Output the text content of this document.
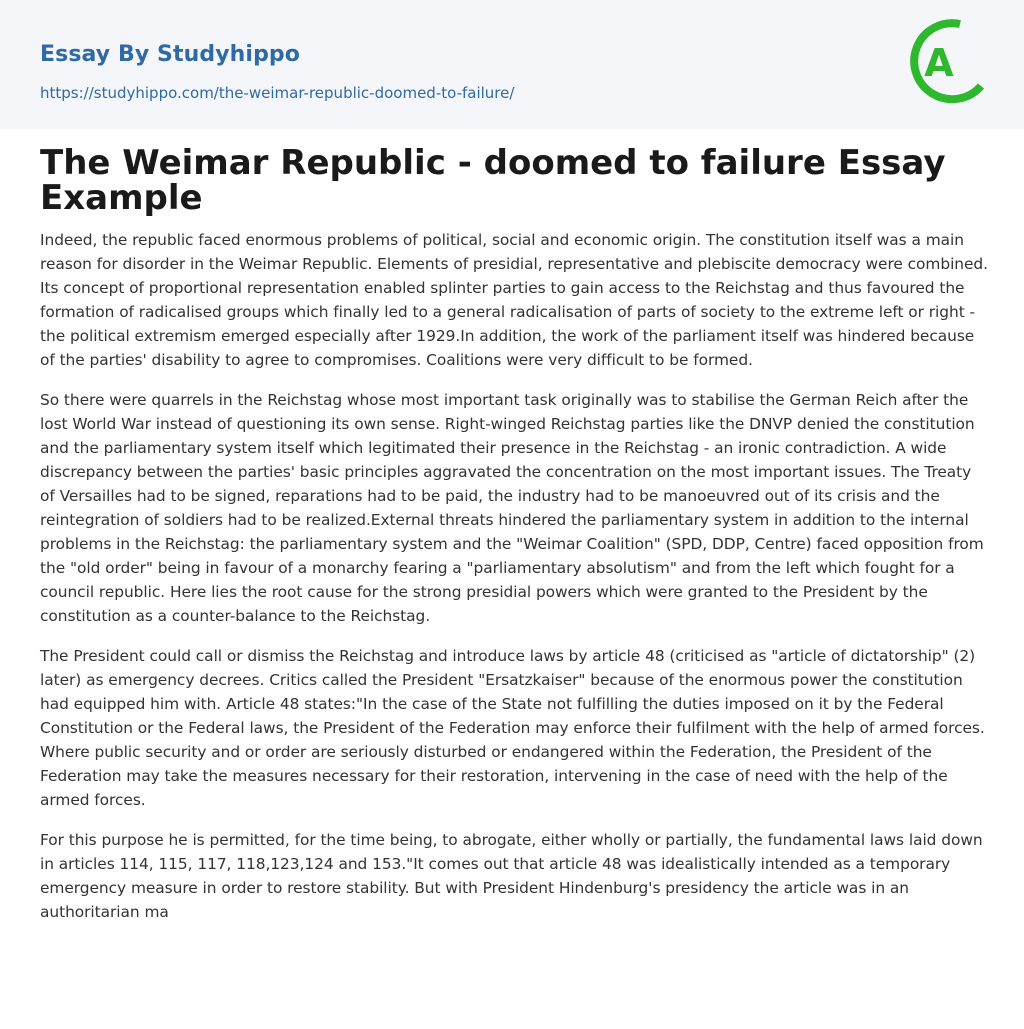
Essay By Studyhippo
https://studyhippo.com/the-weimar-republic-doomed-to-failure/
A
The Weimar Republic - doomed to failure Essay Example

Indeed, the republic faced enormous problems of political, social and economic origin. The constitution itself was a main reason for disorder in the Weimar Republic. Elements of presidial, representative and plebiscite democracy were combined. Its concept of proportional representation enabled splinter parties to gain access to the Reichstag and thus favoured the formation of radicalised groups which finally led to a general radicalisation of parts of society to the extreme left or right - the political extremism emerged especially after 1929.In addition, the work of the parliament itself was hindered because of the parties' disability to agree to compromises. Coalitions were very difficult to be formed.

So there were quarrels in the Reichstag whose most important task originally was to stabilise the German Reich after the lost World War instead of questioning its own sense. Right-winged Reichstag parties like the DNVP denied the constitution and the parliamentary system itself which legitimated their presence in the Reichstag - an ironic contradiction. A wide discrepancy between the parties' basic principles aggravated the concentration on the most important issues. The Treaty of Versailles had to be signed, reparations had to be paid, the industry had to be manoeuvred out of its crisis and the reintegration of soldiers had to be realized.External threats hindered the parliamentary system in addition to the internal problems in the Reichstag: the parliamentary system and the "Weimar Coalition" (SPD, DDP, Centre) faced opposition from the "old order" being in favour of a monarchy fearing a "parliamentary absolutism" and from the left which fought for a council republic. Here lies the root cause for the strong presidial powers which were granted to the President by the constitution as a counter-balance to the Reichstag.

The President could call or dismiss the Reichstag and introduce laws by article 48 (criticised as "article of dictatorship" (2) later) as emergency decrees. Critics called the President "Ersatzkaiser" because of the enormous power the constitution had equipped him with. Article 48 states:"In the case of the State not fulfilling the duties imposed on it by the Federal Constitution or the Federal laws, the President of the Federation may enforce their fulfilment with the help of armed forces. Where public security and or order are seriously disturbed or endangered within the Federation, the President of the Federation may take the measures necessary for their restoration, intervening in the case of need with the help of the armed forces.

For this purpose he is permitted, for the time being, to abrogate, either wholly or partially, the fundamental laws laid down in articles 114, 115, 117, 118,123,124 and 153."It comes out that article 48 was idealistically intended as a temporary emergency measure in order to restore stability. But with President Hindenburg's presidency the article was in an authoritarian ma
